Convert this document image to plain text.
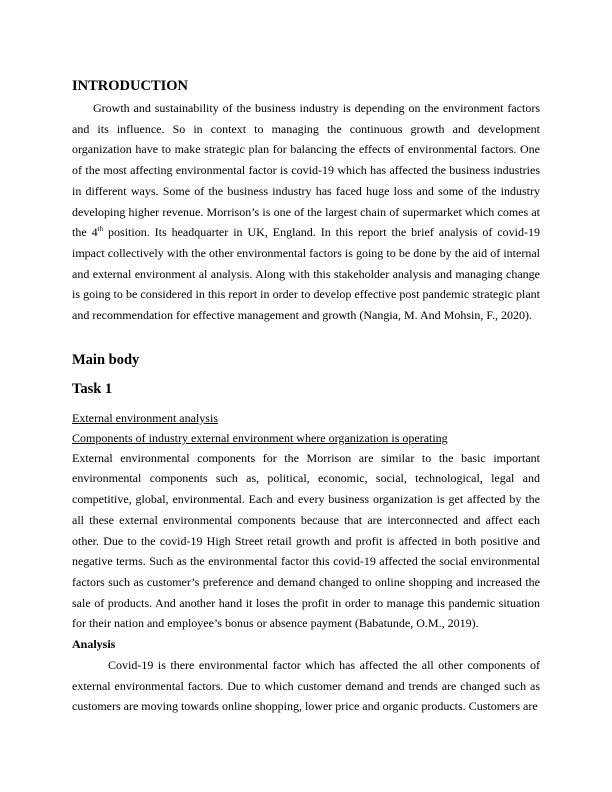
INTRODUCTION

Growth and sustainability of the business industry is depending on the environment factors and its influence. So in context to managing the continuous growth and development organization have to make strategic plan for balancing the effects of environmental factors. One of the most affecting environmental factor is covid-19 which has affected the business industries in different ways. Some of the business industry has faced huge loss and some of the industry developing higher revenue. Morrison’s is one of the largest chain of supermarket which comes at the 4th position. Its headquarter in UK, England. In this report the brief analysis of covid-19 impact collectively with the other environmental factors is going to be done by the aid of internal and external environment al analysis. Along with this stakeholder analysis and managing change is going to be considered in this report in order to develop effective post pandemic strategic plant and recommendation for effective management and growth (Nangia, M. And Mohsin, F., 2020).

Main body
Task 1

External environment analysis

Components of industry external environment where organization is operating

External environmental components for the Morrison are similar to the basic important environmental components such as, political, economic, social, technological, legal and competitive, global, environmental. Each and every business organization is get affected by the all these external environmental components because that are interconnected and affect each other. Due to the covid-19 High Street retail growth and profit is affected in both positive and negative terms. Such as the environmental factor this covid-19 affected the social environmental factors such as customer’s preference and demand changed to online shopping and increased the sale of products. And another hand it loses the profit in order to manage this pandemic situation for their nation and employee’s bonus or absence payment (Babatunde, O.M., 2019).

Analysis

Covid-19 is there environmental factor which has affected the all other components of external environmental factors. Due to which customer demand and trends are changed such as customers are moving towards online shopping, lower price and organic products. Customers are
